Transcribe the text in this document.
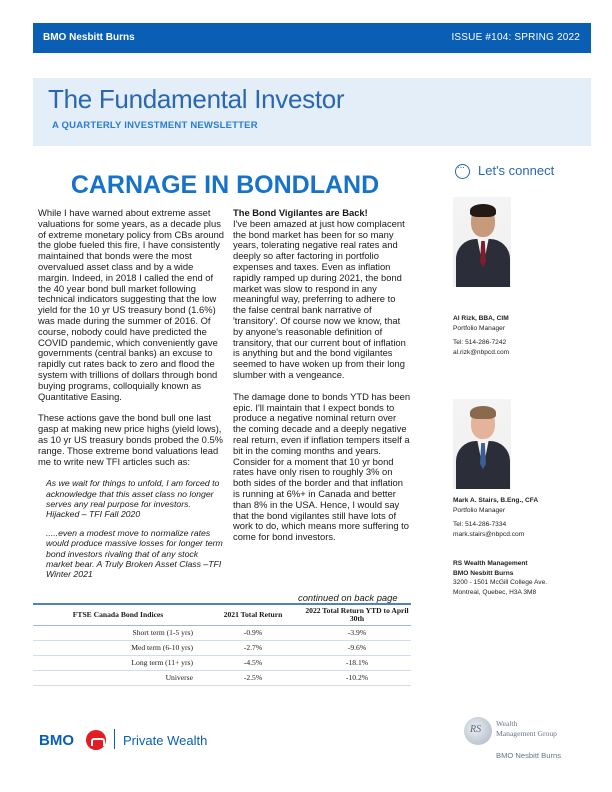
BMO Nesbitt Burns	ISSUE #104: SPRING 2022
The Fundamental Investor
A QUARTERLY INVESTMENT NEWSLETTER
CARNAGE IN BONDLAND

While I have warned about extreme asset valuations for some years, as a decade plus of extreme monetary policy from CBs around the globe fueled this fire, I have consistently maintained that bonds were the most overvalued asset class and by a wide margin. Indeed, in 2018 I called the end of the 40 year bond bull market following technical indicators suggesting that the low yield for the 10 yr US treasury bond (1.6%) was made during the summer of 2016. Of course, nobody could have predicted the COVID pandemic, which conveniently gave governments (central banks) an excuse to rapidly cut rates back to zero and flood the system with trillions of dollars through bond buying programs, colloquially known as Quantitative Easing.

These actions gave the bond bull one last gasp at making new price highs (yield lows), as 10 yr US treasury bonds probed the 0.5% range. Those extreme bond valuations lead me to write new TFI articles such as:

As we wait for things to unfold, I am forced to acknowledge that this asset class no longer serves any real purpose for investors. Hijacked – TFI Fall 2020

.....even a modest move to normalize rates would produce massive losses for longer term bond investors rivaling that of any stock market bear. A Truly Broken Asset Class –TFI Winter 2021

The Bond Vigilantes are Back!

I've been amazed at just how complacent the bond market has been for so many years, tolerating negative real rates and deeply so after factoring in portfolio expenses and taxes. Even as inflation rapidly ramped up during 2021, the bond market was slow to respond in any meaningful way, preferring to adhere to the false central bank narrative of 'transitory'. Of course now we know, that by anyone's reasonable definition of transitory, that our current bout of inflation is anything but and the bond vigilantes seemed to have woken up from their long slumber with a vengeance.

The damage done to bonds YTD has been epic. I'll maintain that I expect bonds to produce a negative nominal return over the coming decade and a deeply negative real return, even if inflation tempers itself a bit in the coming months and years. Consider for a moment that 10 yr bond rates have only risen to roughly 3% on both sides of the border and that inflation is running at 6%+ in Canada and better than 8% in the USA. Hence, I would say that the bond vigilantes still have lots of work to do, which means more suffering to come for bond investors.

continued on back page
FTSE Canada Bond Indices	2021 Total Return	2022 Total Return YTD to April 30th
Short term (1-5 yrs)	-0.9%	-3.9%
Med term (6-10 yrs)	-2.7%	-9.6%
Long term (11+ yrs)	-4.5%	-18.1%
Universe	-2.5%	-10.2%
···
Let's connect
Al Rizk, BBA, CIM
Portfolio Manager
Tel: 514-286-7242
al.rizk@nbpcd.com
Mark A. Stairs, B.Eng., CFA
Portfolio Manager
Tel: 514-286-7334
mark.stairs@nbpcd.com
RS Wealth Management
BMO Nesbitt Burns
3200 - 1501 McGill College Ave.
Montreal, Quebec, H3A 3M8
BMO	Private Wealth
RS
Wealth
Management Group
BMO Nesbitt Burns
